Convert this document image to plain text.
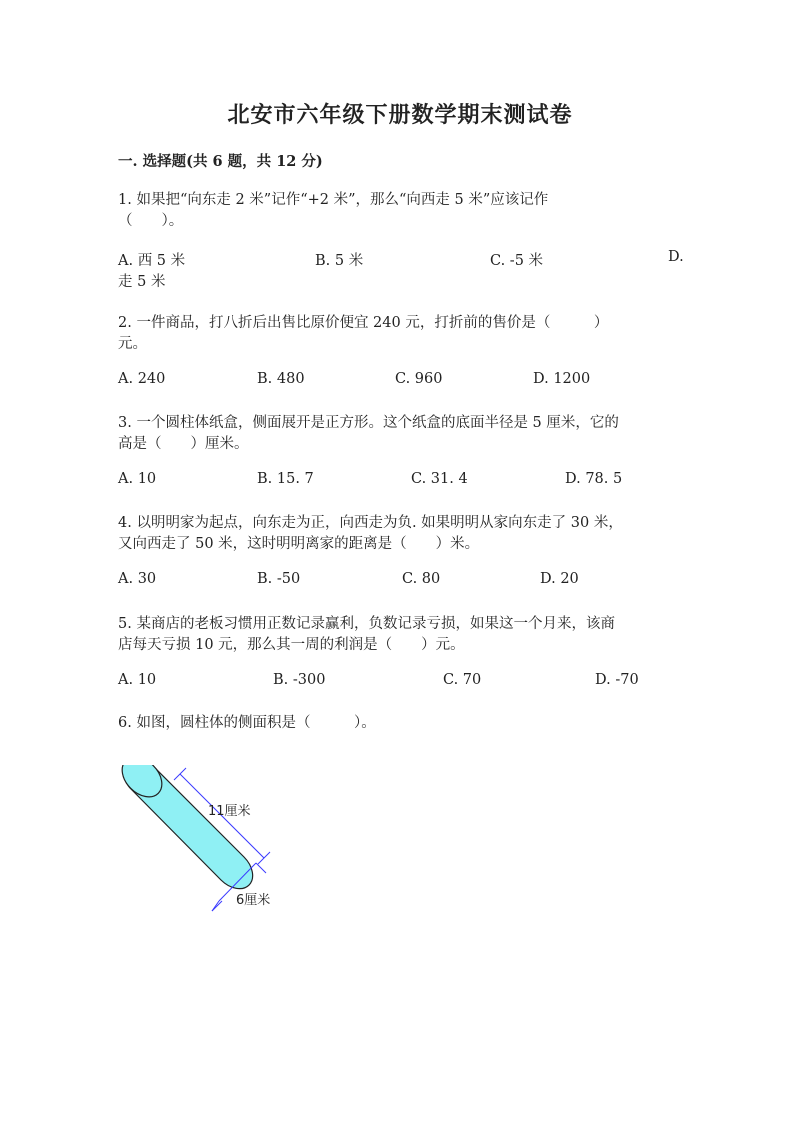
北安市六年级下册数学期末测试卷
一. 选择题(共 6 题，共 12 分)
1. 如果把“向东走 2 米”记作“+2 米”，那么“向西走 5 米”应该记作
（　　）。
A. 西 5 米	B. 5 米	C. -5 米	D.
走 5 米
2. 一件商品，打八折后出售比原价便宜 240 元，打折前的售价是（　　　）
元。
A. 240	B. 480	C. 960	D. 1200
3. 一个圆柱体纸盒，侧面展开是正方形。这个纸盒的底面半径是 5 厘米，它的
高是（　　）厘米。
A. 10	B. 15. 7	C. 31. 4	D. 78. 5
4. 以明明家为起点，向东走为正，向西走为负. 如果明明从家向东走了 30 米，
又向西走了 50 米，这时明明离家的距离是（　　）米。
A. 30	B. -50	C. 80	D. 20
5. 某商店的老板习惯用正数记录赢利，负数记录亏损，如果这一个月来，该商
店每天亏损 10 元，那么其一周的利润是（　　）元。
A. 10	B. -300	C. 70	D. -70
6. 如图，圆柱体的侧面积是（　　　）。
11厘米
6厘米
